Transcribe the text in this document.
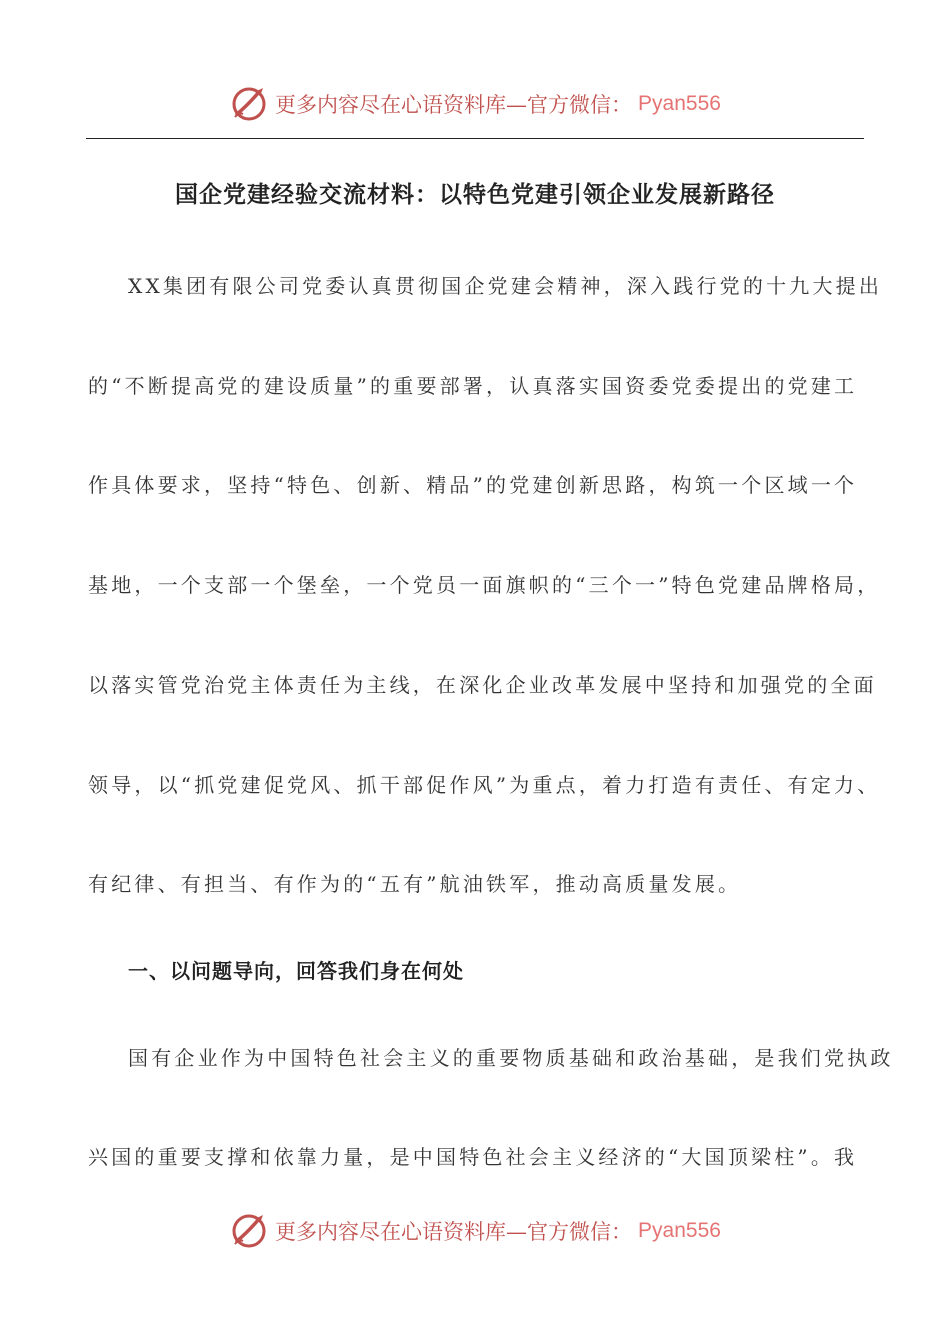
更多内容尽在心语资料库—官方微信： Pyan556
国企党建经验交流材料：以特色党建引领企业发展新路径
XX集团有限公司党委认真贯彻国企党建会精神，深入践行党的十九大提出
的“不断提高党的建设质量”的重要部署，认真落实国资委党委提出的党建工
作具体要求，坚持“特色、创新、精品”的党建创新思路，构筑一个区域一个
基地，一个支部一个堡垒，一个党员一面旗帜的“三个一”特色党建品牌格局，
以落实管党治党主体责任为主线，在深化企业改革发展中坚持和加强党的全面
领导，以“抓党建促党风、抓干部促作风”为重点，着力打造有责任、有定力、
有纪律、有担当、有作为的“五有”航油铁军，推动高质量发展。
一、以问题导向，回答我们身在何处
国有企业作为中国特色社会主义的重要物质基础和政治基础，是我们党执政
兴国的重要支撑和依靠力量，是中国特色社会主义经济的“大国顶梁柱”。我
更多内容尽在心语资料库—官方微信： Pyan556
